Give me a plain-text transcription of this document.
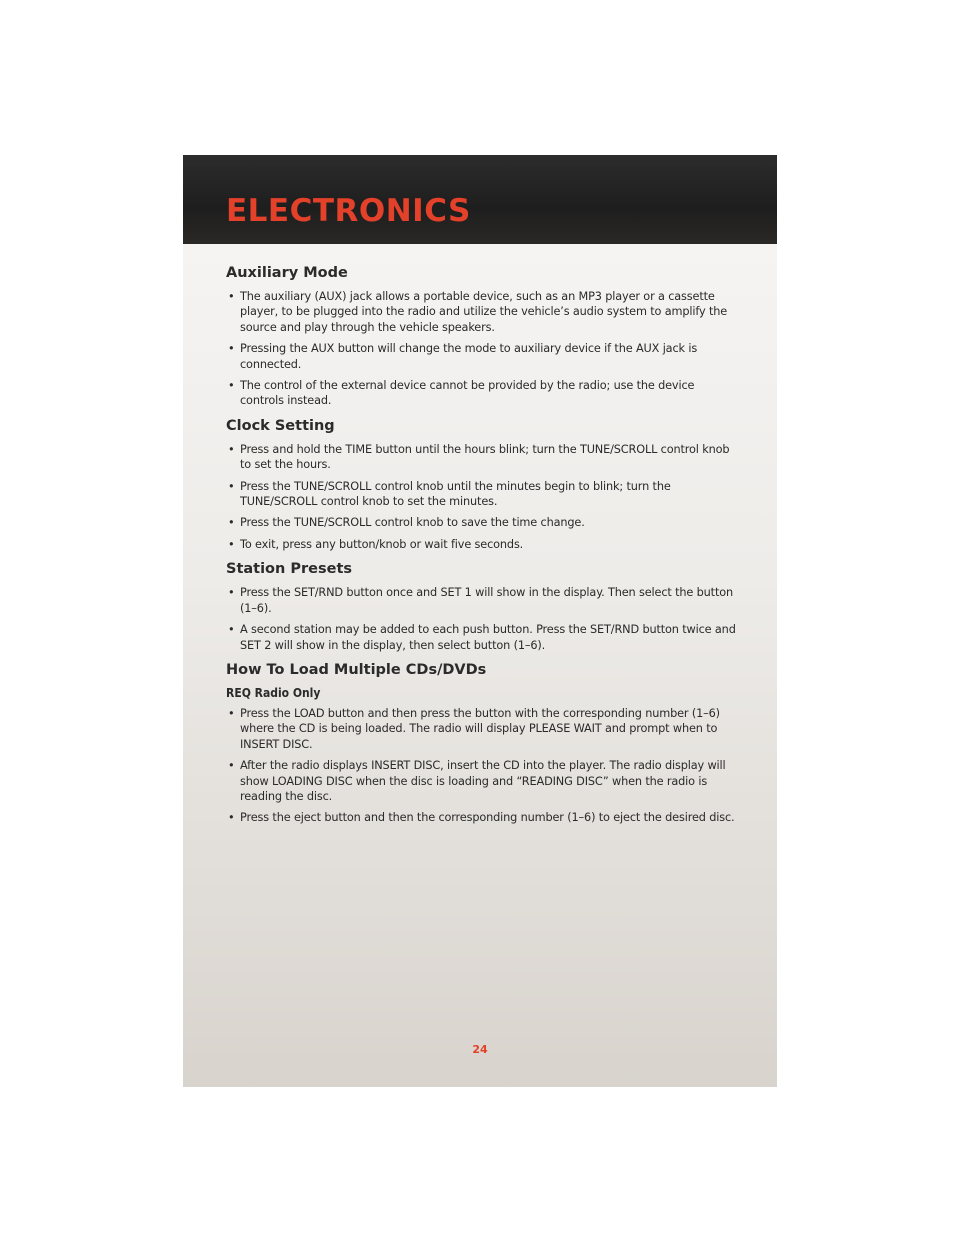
ELECTRONICS
Auxiliary Mode
• The auxiliary (AUX) jack allows a portable device, such as an MP3 player or a cassette player, to be plugged into the radio and utilize the vehicle’s audio system to amplify the source and play through the vehicle speakers.
• Pressing the AUX button will change the mode to auxiliary device if the AUX jack is connected.
• The control of the external device cannot be provided by the radio; use the device controls instead.
Clock Setting
• Press and hold the TIME button until the hours blink; turn the TUNE/SCROLL control knob to set the hours.
• Press the TUNE/SCROLL control knob until the minutes begin to blink; turn the TUNE/SCROLL control knob to set the minutes.
• Press the TUNE/SCROLL control knob to save the time change.
• To exit, press any button/knob or wait five seconds.
Station Presets
• Press the SET/RND button once and SET 1 will show in the display. Then select the button (1–6).
• A second station may be added to each push button. Press the SET/RND button twice and SET 2 will show in the display, then select button (1–6).
How To Load Multiple CDs/DVDs
REQ Radio Only
• Press the LOAD button and then press the button with the corresponding number (1–6) where the CD is being loaded. The radio will display PLEASE WAIT and prompt when to INSERT DISC.
• After the radio displays INSERT DISC, insert the CD into the player. The radio display will show LOADING DISC when the disc is loading and “READING DISC” when the radio is reading the disc.
• Press the eject button and then the corresponding number (1–6) to eject the desired disc.
24
